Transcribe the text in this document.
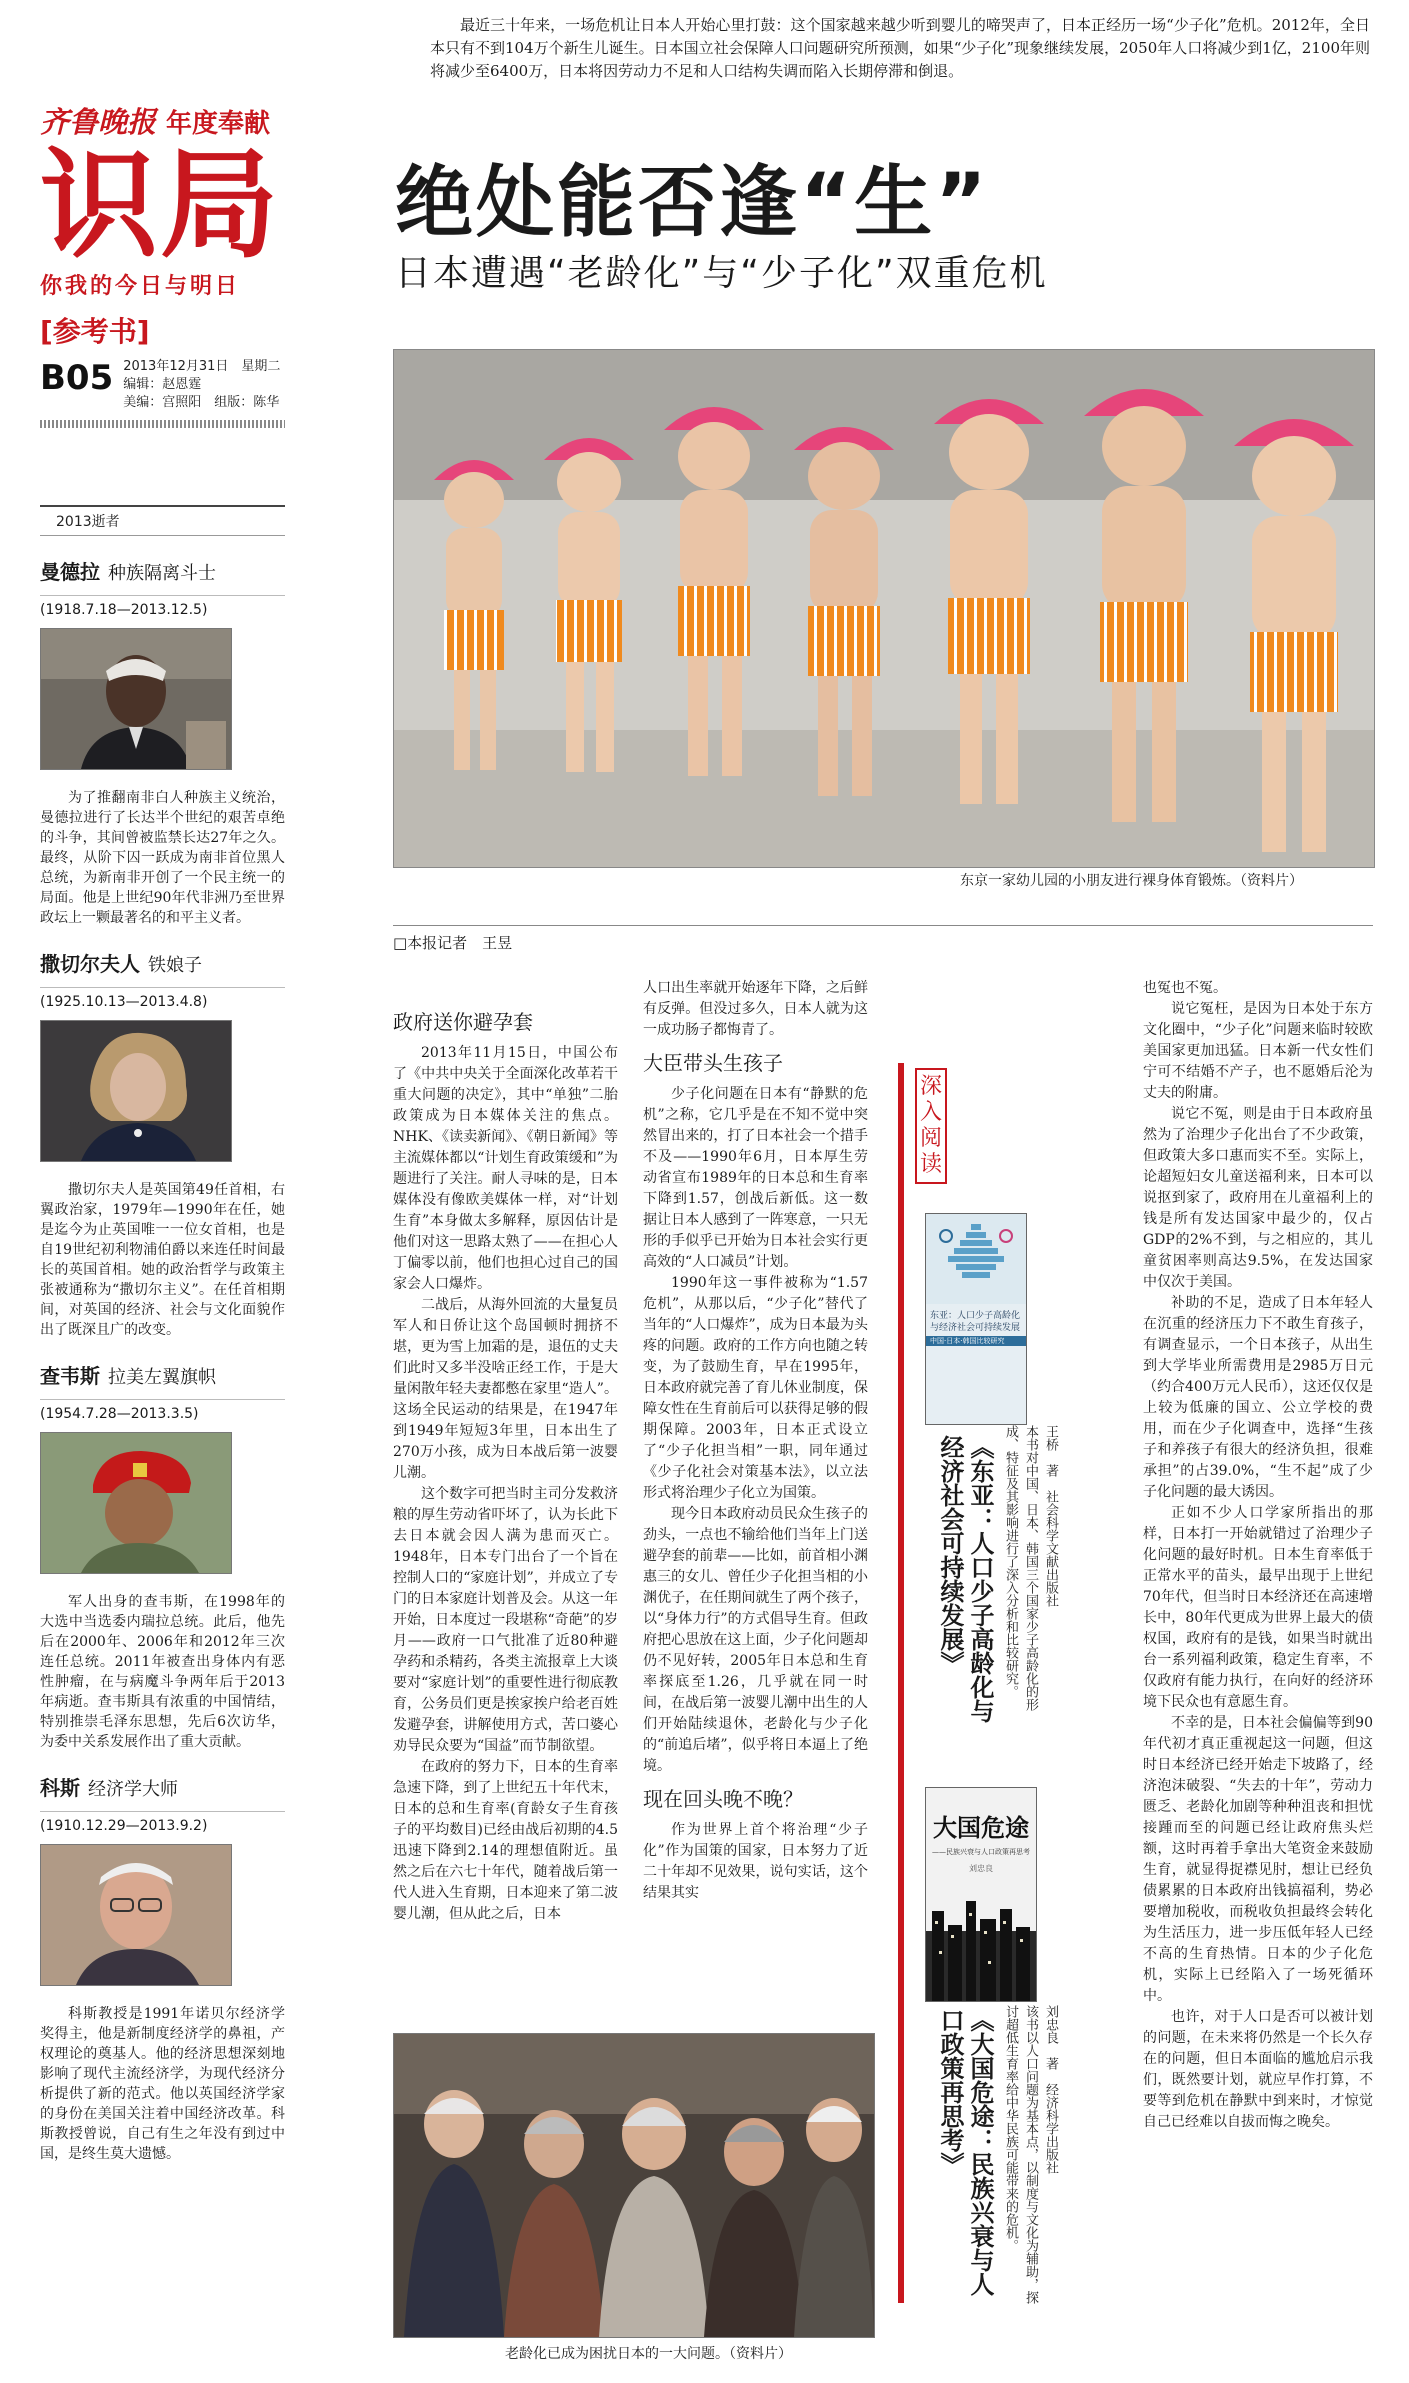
最近三十年来，一场危机让日本人开始心里打鼓：这个国家越来越少听到婴儿的啼哭声了，日本正经历一场“少子化”危机。2012年，全日本只有不到104万个新生儿诞生。日本国立社会保障人口问题研究所预测，如果“少子化”现象继续发展，2050年人口将减少到1亿，2100年则将减少至6400万，日本将因劳动力不足和人口结构失调而陷入长期停滞和倒退。

绝处能否逢“生”
日本遭遇“老龄化”与“少子化”双重危机
齐鲁晚报 年度奉献
识局
你我的今日与明日
[参考书]
B05 2013年12月31日　星期二
编辑：赵恩霆
美编：宫照阳　组版：陈华
2013逝者
曼德拉 种族隔离斗士
(1918.7.18—2013.12.5)

为了推翻南非白人种族主义统治，曼德拉进行了长达半个世纪的艰苦卓绝的斗争，其间曾被监禁长达27年之久。最终，从阶下囚一跃成为南非首位黑人总统，为新南非开创了一个民主统一的局面。他是上世纪90年代非洲乃至世界政坛上一颗最著名的和平主义者。

撒切尔夫人 铁娘子
(1925.10.13—2013.4.8)

撒切尔夫人是英国第49任首相，右翼政治家，1979年—1990年在任，她是迄今为止英国唯一一位女首相，也是自19世纪初利物浦伯爵以来连任时间最长的英国首相。她的政治哲学与政策主张被通称为“撒切尔主义”。在任首相期间，对英国的经济、社会与文化面貌作出了既深且广的改变。

查韦斯 拉美左翼旗帜
(1954.7.28—2013.3.5)

军人出身的查韦斯，在1998年的大选中当选委内瑞拉总统。此后，他先后在2000年、2006年和2012年三次连任总统。2011年被查出身体内有恶性肿瘤，在与病魔斗争两年后于2013年病逝。查韦斯具有浓重的中国情结，特别推崇毛泽东思想，先后6次访华，为委中关系发展作出了重大贡献。

科斯 经济学大师
(1910.12.29—2013.9.2)

科斯教授是1991年诺贝尔经济学奖得主，他是新制度经济学的鼻祖，产权理论的奠基人。他的经济思想深刻地影响了现代主流经济学，为现代经济分析提供了新的范式。他以英国经济学家的身份在美国关注着中国经济改革。科斯教授曾说，自己有生之年没有到过中国，是终生莫大遗憾。

东京一家幼儿园的小朋友进行裸身体育锻炼。（资料片）
□本报记者　王昱
政府送你避孕套

2013年11月15日，中国公布了《中共中央关于全面深化改革若干重大问题的决定》，其中“单独”二胎政策成为日本媒体关注的焦点。NHK、《读卖新闻》、《朝日新闻》等主流媒体都以“计划生育政策缓和”为题进行了关注。耐人寻味的是，日本媒体没有像欧美媒体一样，对“计划生育”本身做太多解释，原因估计是他们对这一思路太熟了——在担心人丁偏零以前，他们也担心过自己的国家会人口爆炸。

二战后，从海外回流的大量复员军人和日侨让这个岛国顿时拥挤不堪，更为雪上加霜的是，退伍的丈夫们此时又多半没啥正经工作，于是大量闲散年轻夫妻都憋在家里“造人”。这场全民运动的结果是，在1947年到1949年短短3年里，日本出生了270万小孩，成为日本战后第一波婴儿潮。

这个数字可把当时主司分发救济粮的厚生劳动省吓坏了，认为长此下去日本就会因人满为患而灭亡。1948年，日本专门出台了一个旨在控制人口的“家庭计划”，并成立了专门的日本家庭计划普及会。从这一年开始，日本度过一段堪称“奇葩”的岁月——政府一口气批准了近80种避孕药和杀精药，各类主流报章上大谈要对“家庭计划”的重要性进行彻底教育，公务员们更是挨家挨户给老百姓发避孕套，讲解使用方式，苦口婆心劝导民众要为“国益”而节制欲望。

在政府的努力下，日本的生育率急速下降，到了上世纪五十年代末，日本的总和生育率(育龄女子生育孩子的平均数目)已经由战后初期的4.5迅速下降到2.14的理想值附近。虽然之后在六七十年代，随着战后第一代人进入生育期，日本迎来了第二波婴儿潮，但从此之后，日本

人口出生率就开始逐年下降，之后鲜有反弹。但没过多久，日本人就为这一成功肠子都悔青了。

大臣带头生孩子

少子化问题在日本有“静默的危机”之称，它几乎是在不知不觉中突然冒出来的，打了日本社会一个措手不及——1990年6月，日本厚生劳动省宣布1989年的日本总和生育率下降到1.57，创战后新低。这一数据让日本人感到了一阵寒意，一只无形的手似乎已开始为日本社会实行更高效的“人口减员”计划。

1990年这一事件被称为“1.57危机”，从那以后，“少子化”替代了当年的“人口爆炸”，成为日本最为头疼的问题。政府的工作方向也随之转变，为了鼓励生育，早在1995年，日本政府就完善了育儿休业制度，保障女性在生育前后可以获得足够的假期保障。2003年，日本正式设立了“少子化担当相”一职，同年通过《少子化社会对策基本法》，以立法形式将治理少子化立为国策。

现今日本政府动员民众生孩子的劲头，一点也不输给他们当年上门送避孕套的前辈——比如，前首相小渊惠三的女儿、曾任少子化担当相的小渊优子，在任期间就生了两个孩子，以“身体力行”的方式倡导生育。但政府把心思放在这上面，少子化问题却仍不见好转，2005年日本总和生育率探底至1.26，几乎就在同一时间，在战后第一波婴儿潮中出生的人们开始陆续退休，老龄化与少子化的“前追后堵”，似乎将日本逼上了绝境。

现在回头晚不晚？

作为世界上首个将治理“少子化”作为国策的国家，日本努力了近二十年却不见效果，说句实话，这个结果其实

也冤也不冤。

说它冤枉，是因为日本处于东方文化圈中，“少子化”问题来临时较欧美国家更加迅猛。日本新一代女性们宁可不结婚不产子，也不愿婚后沦为丈夫的附庸。

说它不冤，则是由于日本政府虽然为了治理少子化出台了不少政策，但政策大多口惠而实不至。实际上，论超短妇女儿童送福利来，日本可以说抠到家了，政府用在儿童福利上的钱是所有发达国家中最少的，仅占GDP的2%不到，与之相应的，其儿童贫困率则高达9.5%，在发达国家中仅次于美国。

补助的不足，造成了日本年轻人在沉重的经济压力下不敢生育孩子，有调查显示，一个日本孩子，从出生到大学毕业所需费用是2985万日元（约合400万元人民币），这还仅仅是上较为低廉的国立、公立学校的费用，而在少子化调查中，选择“生孩子和养孩子有很大的经济负担，很难承担”的占39.0%，“生不起”成了少子化问题的最大诱因。

正如不少人口学家所指出的那样，日本打一开始就错过了治理少子化问题的最好时机。日本生育率低于正常水平的苗头，最早出现于上世纪70年代，但当时日本经济还在高速增长中，80年代更成为世界上最大的债权国，政府有的是钱，如果当时就出台一系列福利政策，稳定生育率，不仅政府有能力执行，在向好的经济环境下民众也有意愿生育。

不幸的是，日本社会偏偏等到90年代初才真正重视起这一问题，但这时日本经济已经开始走下坡路了，经济泡沫破裂、“失去的十年”，劳动力匮乏、老龄化加剧等种种沮丧和担忧接踵而至的问题已经让政府焦头烂额，这时再着手拿出大笔资金来鼓励生育，就显得捉襟见肘，想让已经负债累累的日本政府出钱搞福利，势必要增加税收，而税收负担最终会转化为生活压力，进一步压低年轻人已经不高的生育热情。日本的少子化危机，实际上已经陷入了一场死循环中。

也许，对于人口是否可以被计划的问题，在未来将仍然是一个长久存在的问题，但日本面临的尴尬启示我们，既然要计划，就应早作打算，不要等到危机在静默中到来时，才惊觉自己已经难以自拔而悔之晚矣。

深入阅读
东亚：人口少子高龄化与经济社会可持续发展
中国·日本·韩国比较研究
《东亚：人口少子高龄化与经济社会可持续发展》	王桥　著　社会科学文献出版社
本书对中国、日本、韩国三个国家少子高龄化的形成、特征及其影响进行了深入分析和比较研究。
大国危途
——民族兴衰与人口政策再思考
刘忠良
《大国危途：民族兴衰与人口政策再思考》	刘忠良　著　经济科学出版社
该书以人口问题为基本点，以制度与文化为辅助，探讨超低生育率给中华民族可能带来的危机。
老龄化已成为困扰日本的一大问题。（资料片）
